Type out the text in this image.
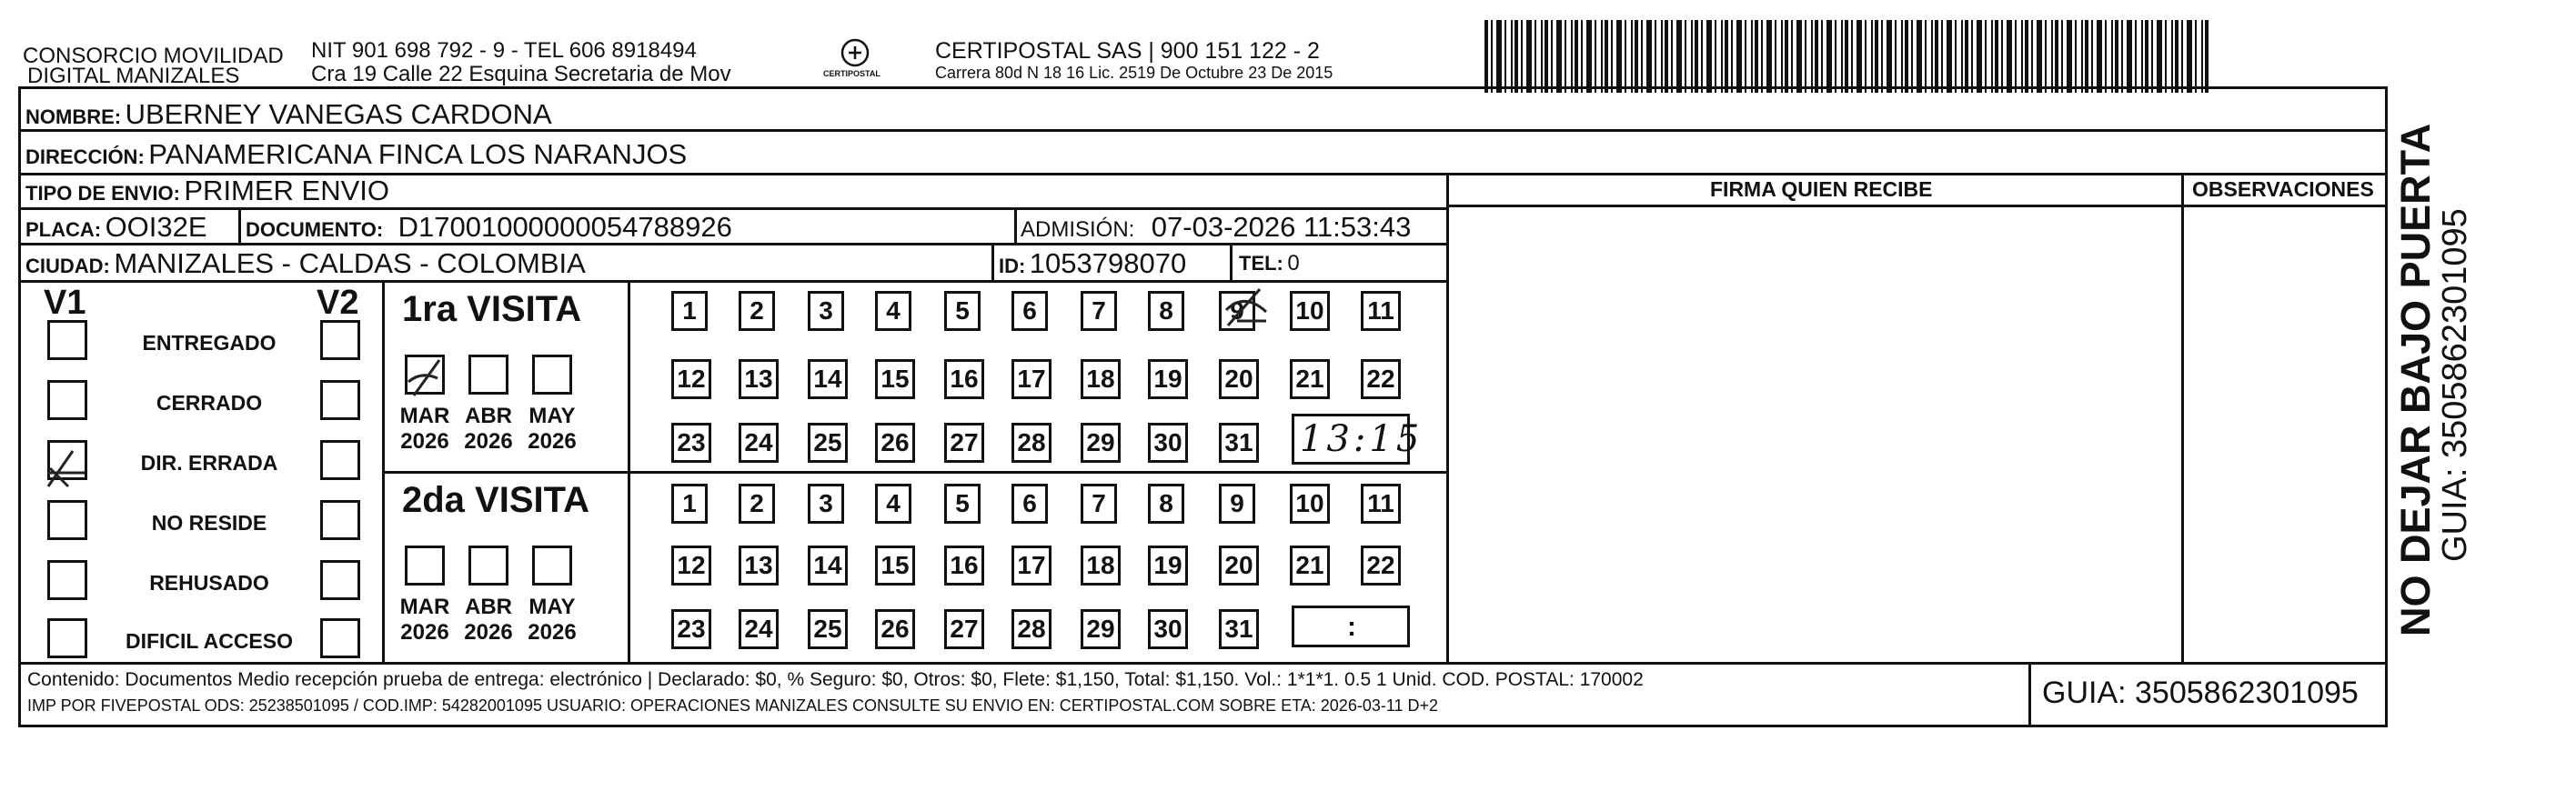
CONSORCIO MOVILIDAD
DIGITAL MANIZALES
NIT 901 698 792 - 9 - TEL 606 8918494
Cra 19 Calle 22 Esquina Secretaria de Mov	CERTIPOSTAL
CERTIPOSTAL SAS | 900 151 122 - 2
Carrera 80d N 18 16 Lic. 2519 De Octubre 23 De 2015
NOMBRE: UBERNEY VANEGAS CARDONA
DIRECCIÓN: PANAMERICANA FINCA LOS NARANJOS
TIPO DE ENVIO: PRIMER ENVIO
PLACA: OOI32E DOCUMENTO: D17001000000054788926	ADMISIÓN: 07-03-2026 11:53:43
CIUDAD: MANIZALES - CALDAS - COLOMBIA	ID: 1053798070	TEL: 0
FIRMA QUIEN RECIBE	OBSERVACIONES
V1	V2
ENTREGADO
CERRADO
DIR. ERRADA
NO RESIDE
REHUSADO
DIFICIL ACCESO
1ra VISITA
2da VISITA
MAR
2026
ABR
2026
MAY
2026
MAR
2026
ABR
2026
MAY
2026
1	2	3	4	5	6	7	8	9	10 11
12 13 14 15 16 17 18 19 20 21 22
23 24 25 26 27 28 29 30 31
1	2	3	4	5	6	7	8	9	10 11
12 13 14 15 16 17 18 19 20 21 22
23 24 25 26 27 28 29 30 31
13:15
:
Contenido: Documentos Medio recepción prueba de entrega: electrónico | Declarado: $0, % Seguro: $0, Otros: $0, Flete: $1,150, Total: $1,150. Vol.: 1*1*1. 0.5 1 Unid. COD. POSTAL: 170002
IMP POR FIVEPOSTAL ODS: 25238501095 / COD.IMP: 54282001095 USUARIO: OPERACIONES MANIZALES CONSULTE SU ENVIO EN: CERTIPOSTAL.COM SOBRE ETA: 2026-03-11 D+2	GUIA: 3505862301095
NO DEJAR BAJO PUERTA
GUIA: 3505862301095
